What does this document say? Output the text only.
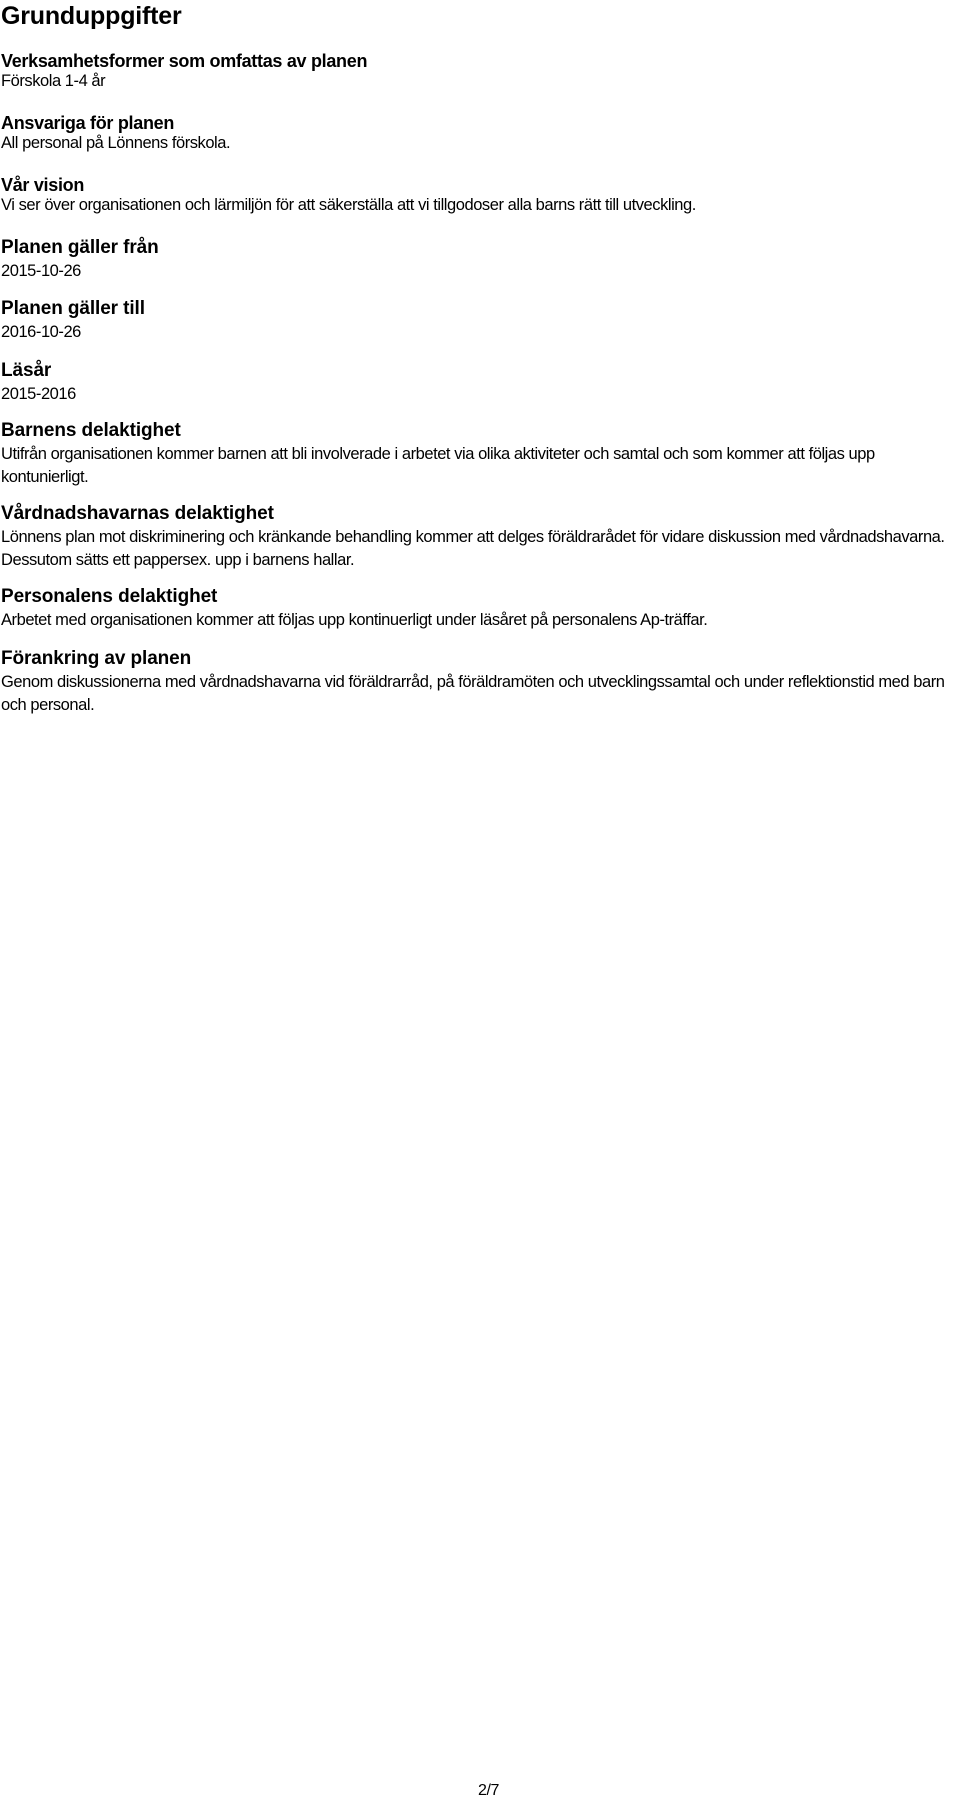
Grunduppgifter
Verksamhetsformer som omfattas av planen
Förskola 1-4 år
Ansvariga för planen
All personal på Lönnens förskola.
Vår vision
Vi ser över organisationen och lärmiljön för att säkerställa att vi tillgodoser alla barns rätt till utveckling.
Planen gäller från
2015-10-26
Planen gäller till
2016-10-26
Läsår
2015-2016
Barnens delaktighet
Utifrån organisationen kommer barnen att bli involverade i arbetet via olika aktiviteter och samtal och som kommer att följas upp kontunierligt.
Vårdnadshavarnas delaktighet
Lönnens plan mot diskriminering och kränkande behandling kommer att delges föräldrarådet för vidare diskussion med vårdnadshavarna. Dessutom sätts ett pappersex. upp i barnens hallar.
Personalens delaktighet
Arbetet med organisationen kommer att följas upp kontinuerligt under läsåret på personalens Ap-träffar.
Förankring av planen
Genom diskussionerna med vårdnadshavarna vid föräldrarråd, på föräldramöten och utvecklingssamtal och under reflektionstid med barn och personal.
2/7
